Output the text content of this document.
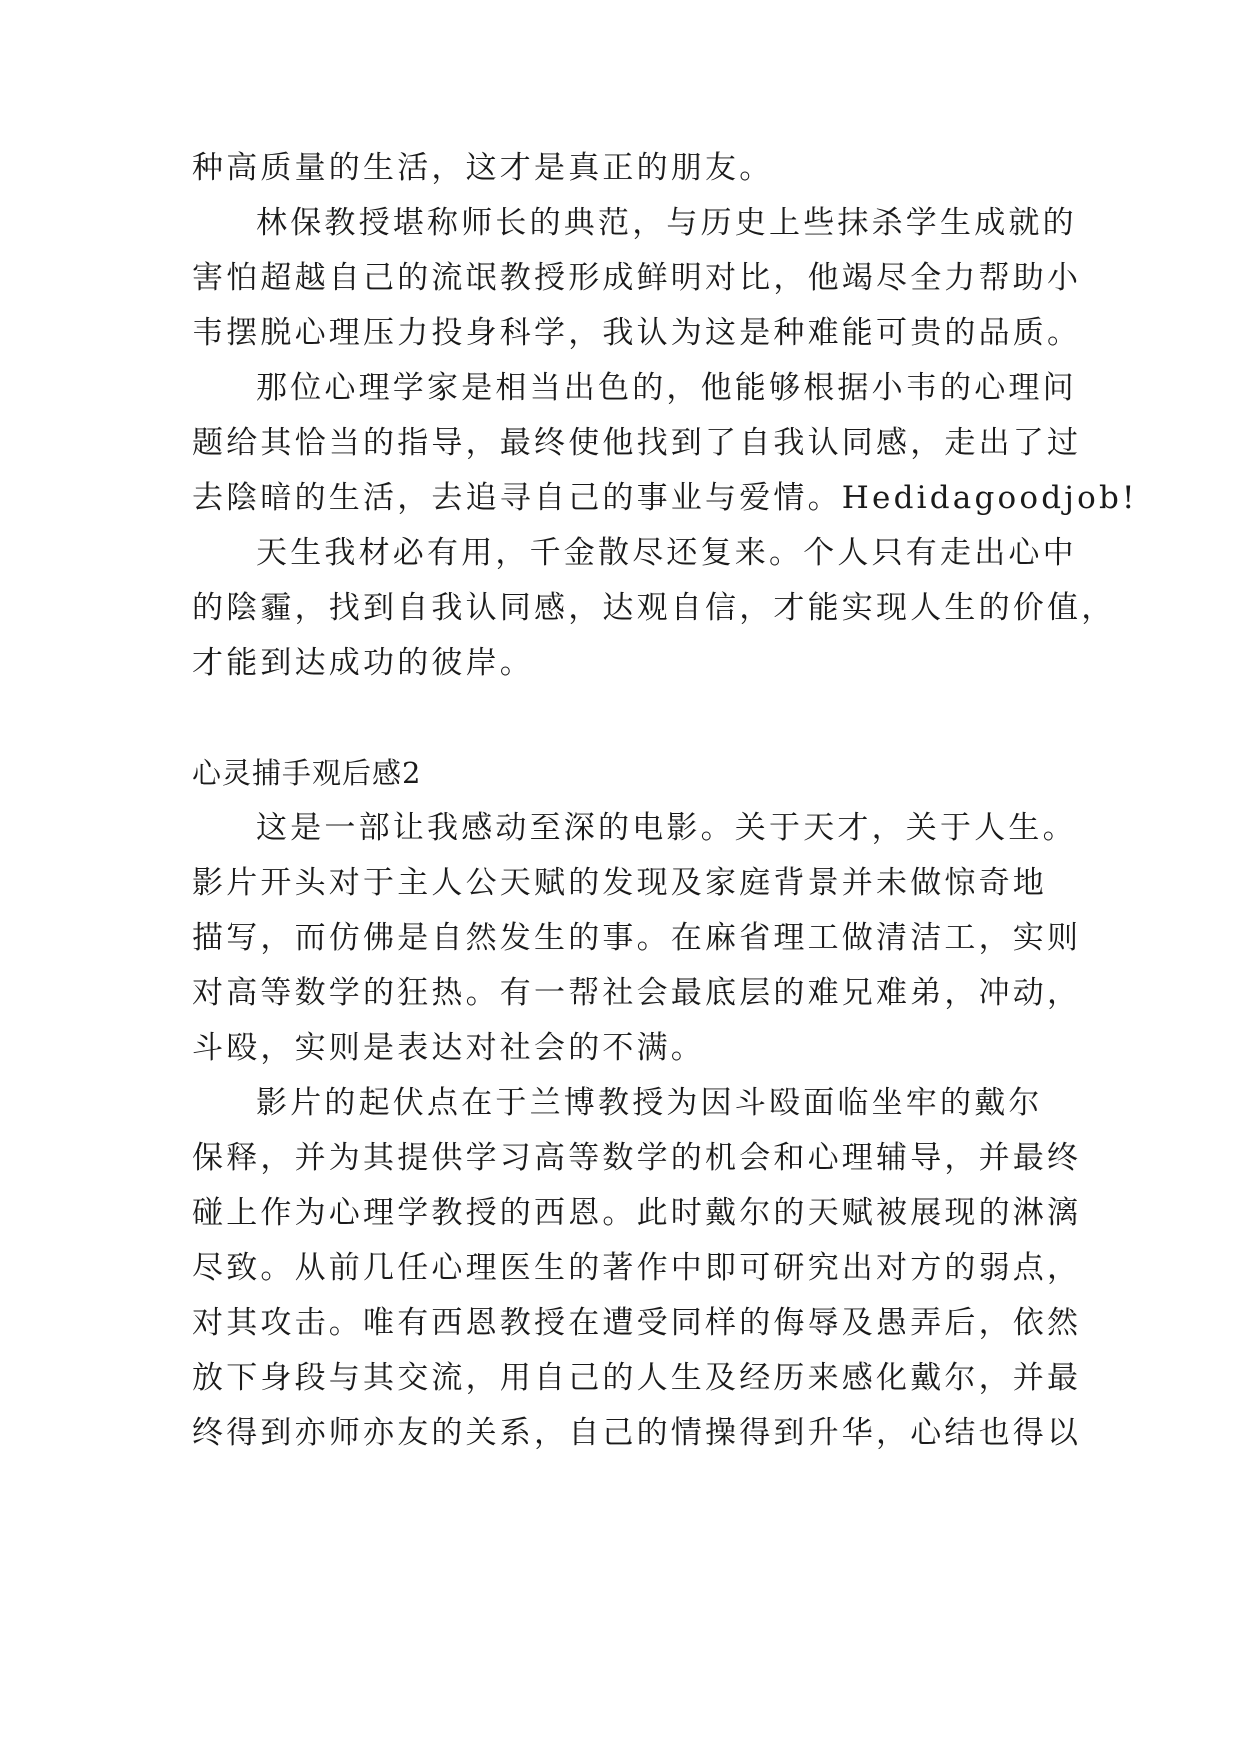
种高质量的生活，这才是真正的朋友。
林保教授堪称师长的典范，与历史上些抹杀学生成就的
害怕超越自己的流氓教授形成鲜明对比，他竭尽全力帮助小
韦摆脱心理压力投身科学，我认为这是种难能可贵的品质。
那位心理学家是相当出色的，他能够根据小韦的心理问
题给其恰当的指导，最终使他找到了自我认同感，走出了过
去陰暗的生活，去追寻自己的事业与爱情。Hedidagoodjob!
天生我材必有用，千金散尽还复来。个人只有走出心中
的陰霾，找到自我认同感，达观自信，才能实现人生的价值，
才能到达成功的彼岸。
心灵捕手观后感2
这是一部让我感动至深的电影。关于天才，关于人生。
影片开头对于主人公天赋的发现及家庭背景并未做惊奇地
描写，而仿佛是自然发生的事。在麻省理工做清洁工，实则
对高等数学的狂热。有一帮社会最底层的难兄难弟，冲动，
斗殴，实则是表达对社会的不满。
影片的起伏点在于兰博教授为因斗殴面临坐牢的戴尔
保释，并为其提供学习高等数学的机会和心理辅导，并最终
碰上作为心理学教授的西恩。此时戴尔的天赋被展现的淋漓
尽致。从前几任心理医生的著作中即可研究出对方的弱点，
对其攻击。唯有西恩教授在遭受同样的侮辱及愚弄后，依然
放下身段与其交流，用自己的人生及经历来感化戴尔，并最
终得到亦师亦友的关系，自己的情操得到升华，心结也得以
